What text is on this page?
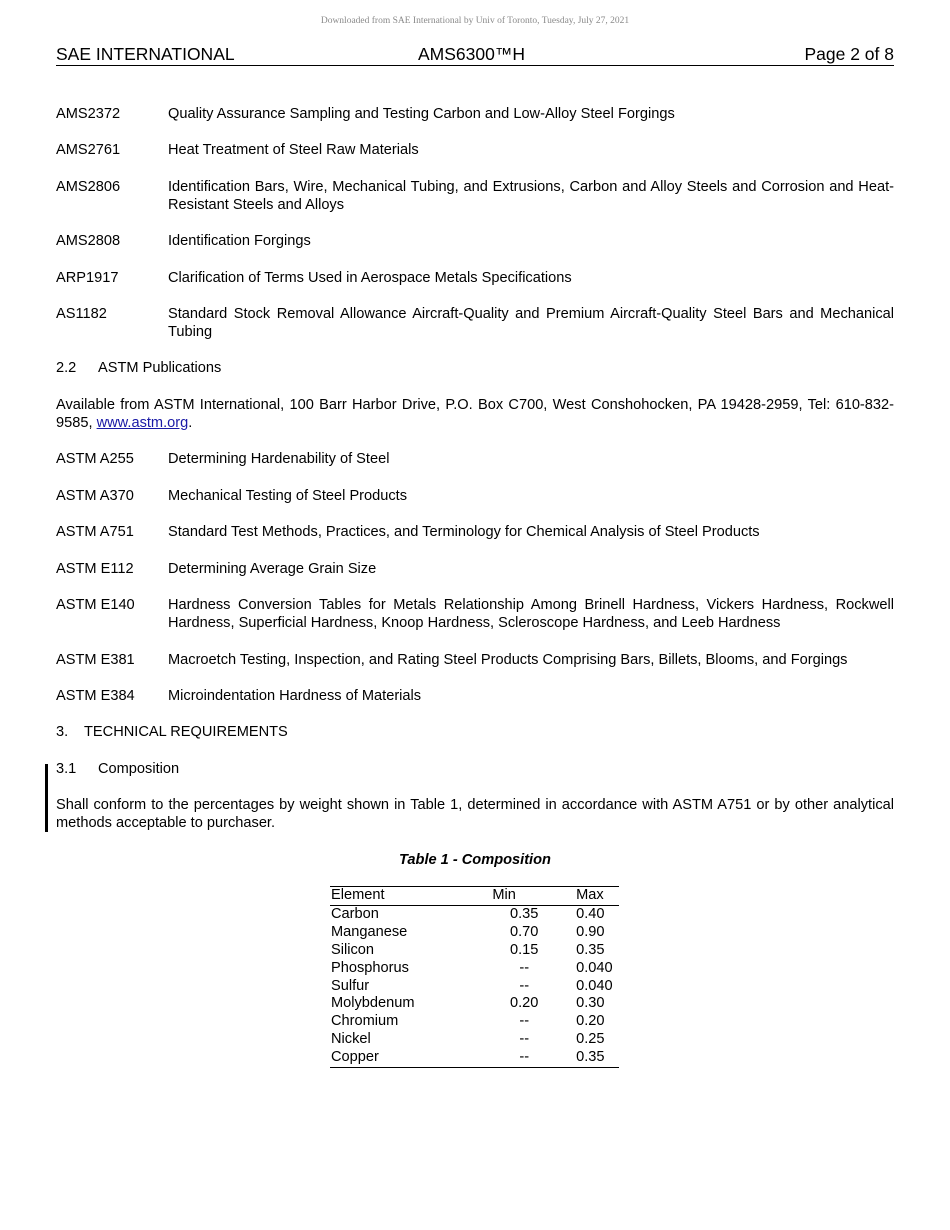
Downloaded from SAE International by Univ of Toronto, Tuesday, July 27, 2021
SAE INTERNATIONAL	AMS6300™H	Page 2 of 8
AMS2372	Quality Assurance Sampling and Testing Carbon and Low-Alloy Steel Forgings
AMS2761	Heat Treatment of Steel Raw Materials
AMS2806	Identification Bars, Wire, Mechanical Tubing, and Extrusions, Carbon and Alloy Steels and Corrosion and Heat-Resistant Steels and Alloys
AMS2808	Identification Forgings
ARP1917	Clarification of Terms Used in Aerospace Metals Specifications
AS1182	Standard Stock Removal Allowance Aircraft-Quality and Premium Aircraft-Quality Steel Bars and Mechanical Tubing
2.2 ASTM Publications
Available from ASTM International, 100 Barr Harbor Drive, P.O. Box C700, West Conshohocken, PA 19428-2959, Tel: 610-832-9585, www.astm.org.
ASTM A255 Determining Hardenability of Steel
ASTM A370 Mechanical Testing of Steel Products
ASTM A751 Standard Test Methods, Practices, and Terminology for Chemical Analysis of Steel Products
ASTM E112 Determining Average Grain Size
ASTM E140 Hardness Conversion Tables for Metals Relationship Among Brinell Hardness, Vickers Hardness, Rockwell Hardness, Superficial Hardness, Knoop Hardness, Scleroscope Hardness, and Leeb Hardness
ASTM E381 Macroetch Testing, Inspection, and Rating Steel Products Comprising Bars, Billets, Blooms, and Forgings
ASTM E384 Microindentation Hardness of Materials
3. TECHNICAL REQUIREMENTS
3.1 Composition
Shall conform to the percentages by weight shown in Table 1, determined in accordance with ASTM A751 or by other analytical methods acceptable to purchaser.
Table 1 - Composition
Element	Min	Max
Carbon	0.35	0.40
Manganese	0.70	0.90
Silicon	0.15	0.35
Phosphorus	--	0.040
Sulfur	--	0.040
Molybdenum	0.20	0.30
Chromium	--	0.20
Nickel	--	0.25
Copper	--	0.35
